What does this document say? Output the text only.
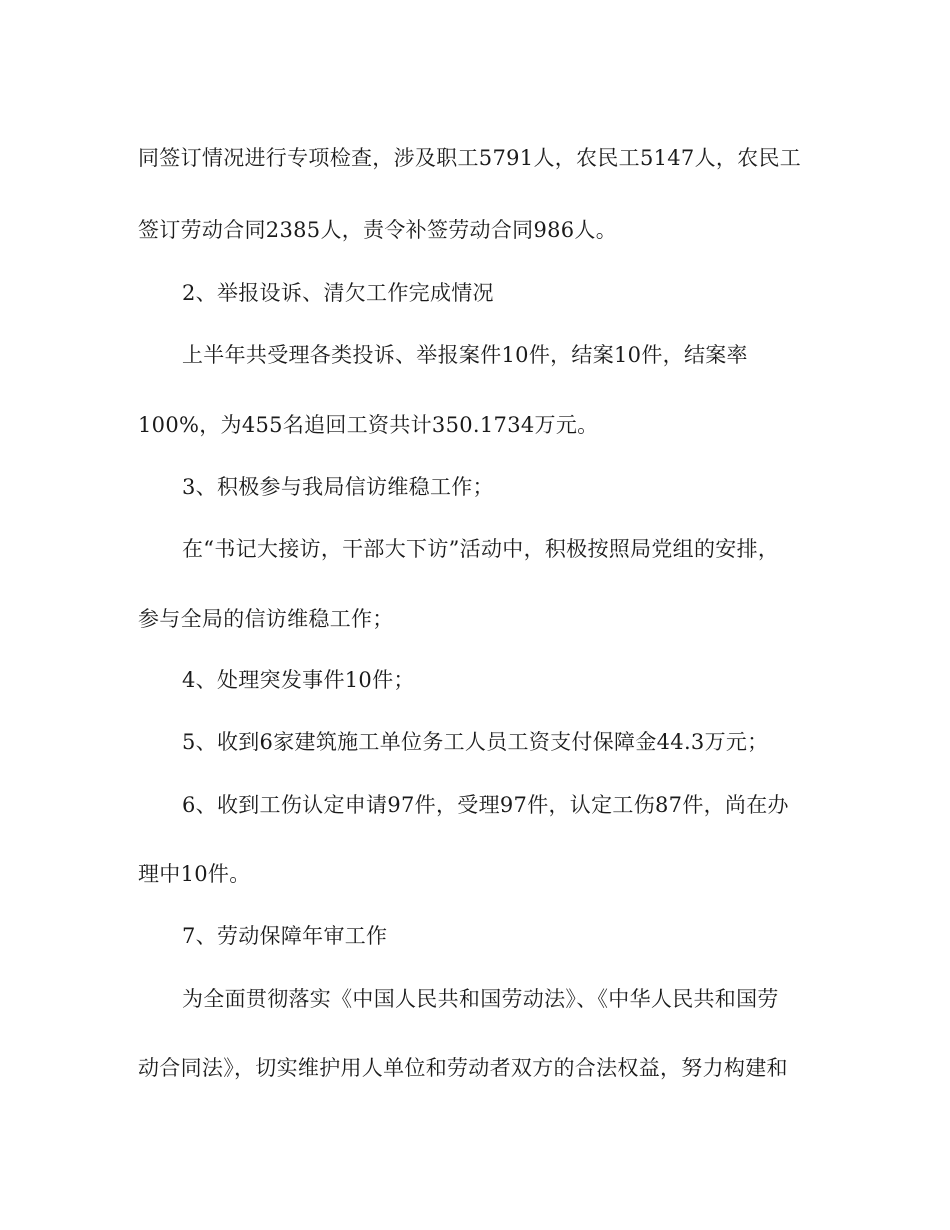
同签订情况进行专项检查，涉及职工5791人，农民工5147人，农民工
签订劳动合同2385人，责令补签劳动合同986人。
2、举报设诉、清欠工作完成情况
上半年共受理各类投诉、举报案件10件，结案10件，结案率
100%，为455名追回工资共计350.1734万元。
3、积极参与我局信访维稳工作；
在“书记大接访，干部大下访”活动中，积极按照局党组的安排，
参与全局的信访维稳工作；
4、处理突发事件10件；
5、收到6家建筑施工单位务工人员工资支付保障金44.3万元；
6、收到工伤认定申请97件，受理97件，认定工伤87件，尚在办
理中10件。
7、劳动保障年审工作
为全面贯彻落实《中国人民共和国劳动法》、《中华人民共和国劳
动合同法》，切实维护用人单位和劳动者双方的合法权益，努力构建和
